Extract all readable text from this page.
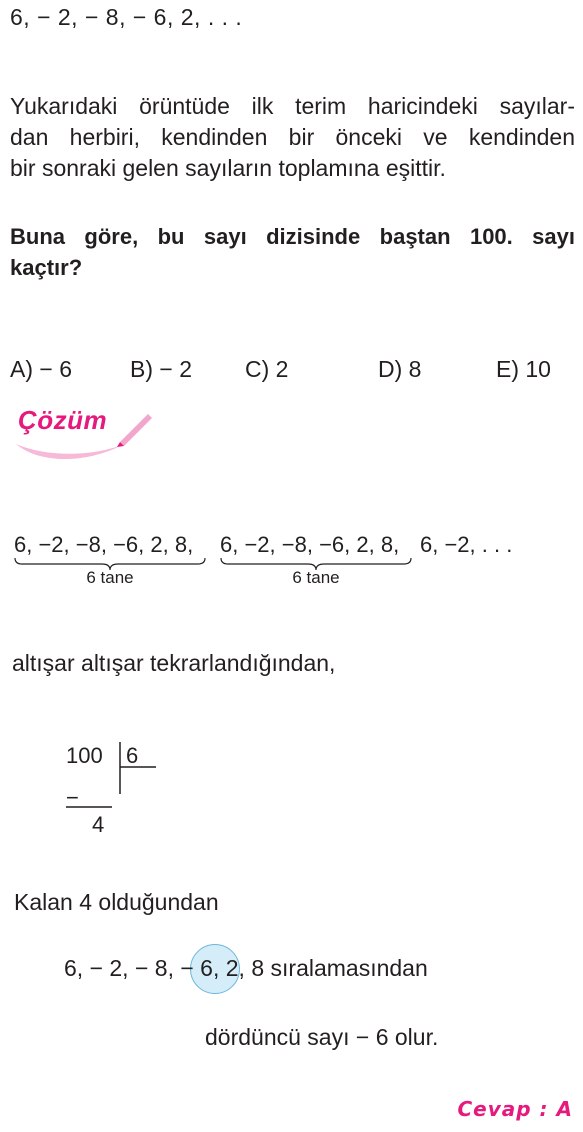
6, − 2, − 8, − 6, 2, . . .
Yukarıdaki örüntüde ilk terim haricindeki sayılar-
dan herbiri, kendinden bir önceki ve kendinden
bir sonraki gelen sayıların toplamına eşittir.
Buna göre, bu sayı dizisinde baştan 100. sayı
kaçtır?
A) − 6	B) − 2 C) 2	D) 8	E) 10
Çözüm
6, −2, −8, −6, 2, 8,
6 tane
6, −2, −8, −6, 2, 8,
6 tane
6, −2, . . .
altışar altışar tekrarlandığından,
100 6
−
4
Kalan 4 olduğundan
6, − 2, − 8, − 6, 2, 8 sıralamasından
dördüncü sayı − 6 olur.
Cevap : A
